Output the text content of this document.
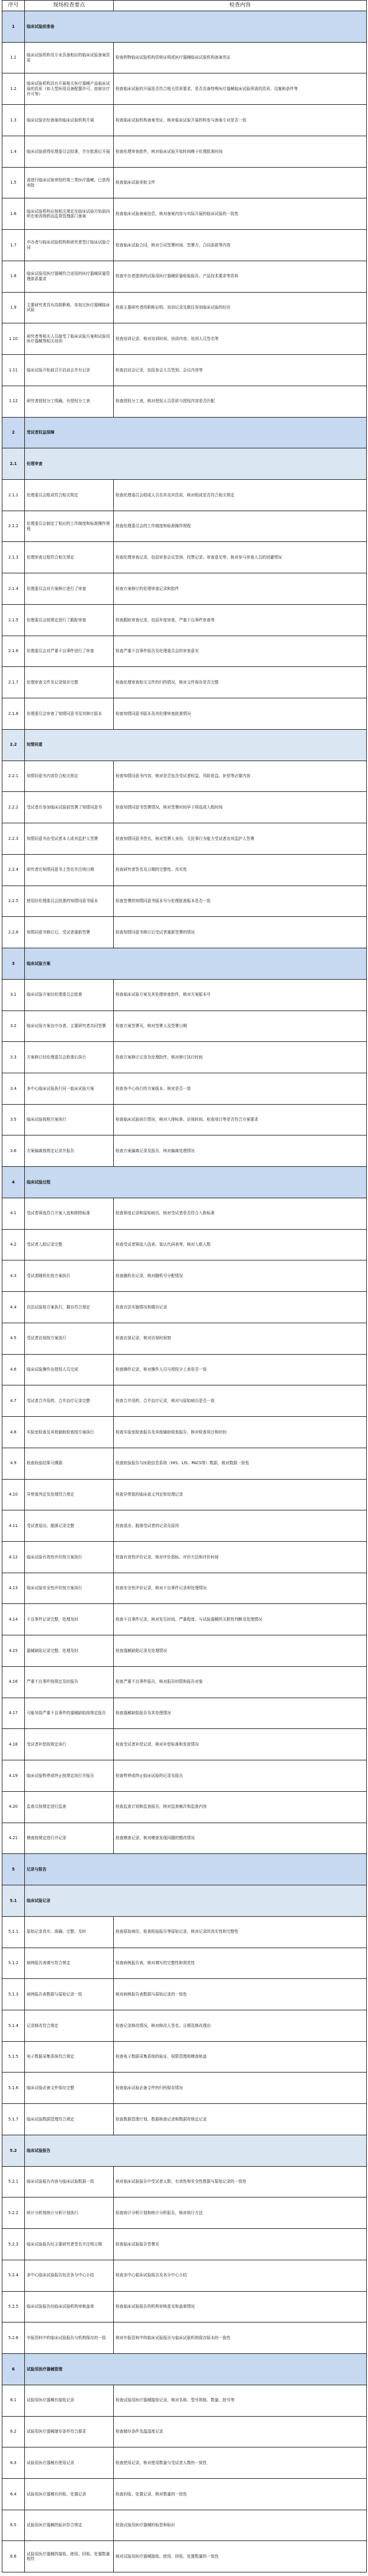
序号	现场检查要点	检查内容
1	临床试验前准备	
1.1	临床试验机构及专业具备相应的临床试验备案资质	检查药物临床试验机构资格证明或医疗器械临床试验机构备案凭证
1.2	临床试验机构具有开展相关医疗器械产品临床试验的资质（如大型医用设备配置许可、放射诊疗许可等）	检查临床试验的开展是否符合相关资质要求，是否具备特殊医疗器械临床试验所需的资质、设施和条件等
1.3	临床试验在经备案的临床试验机构开展	检查临床试验机构备案凭证，核对临床试验开展的科室与备案专业是否一致
1.4	临床试验获得伦理委员会批准，并在批准后开展	检查伦理审查批件，核对临床试验开始时间晚于伦理批准时间
1.5	需进行临床试验审批的第三类医疗器械，已获得审批	检查临床试验审批文件
1.6	临床试验机构应按相关规定在临床试验开始前向所在地省级药品监督管理部门备案	检查临床试验备案信息，核对备案内容与实际开展的临床试验的一致性
1.7	申办者与临床试验机构和研究者签订临床试验合同	检查临床试验合同，核对合同签署时间、签署方、合同条款等内容
1.8	临床试验用医疗器械符合适用的医疗器械质量管理体系要求	检查申办者提供的试验用医疗器械质量检验报告、产品技术要求等资料
1.9	主要研究者具有高级职称，参加过医疗器械临床试验	检查主要研究者的职称证明、培训记录及既往参加临床试验的经历
1.10	研究者等相关人员接受了临床试验方案和试验用医疗器械等相关培训	检查培训记录，核对培训时间、培训内容、培训人员签名等
1.11	临床试验开始前召开启动会并有记录	检查启动会记录，包括参会人员签到、会议内容等
1.12	研究者授权分工明确，有授权分工表	检查授权分工表，核对授权人员资质与授权内容是否匹配
2	受试者权益保障	
2.1	伦理审查	
2.1.1	伦理委员会组成符合相关规定	检查伦理委员会组成人员名单及其资质，核对组成是否符合相关规定
2.1.2	伦理委员会制定了相应的工作制度和标准操作规程	检查伦理委员会的工作制度和标准操作规程
2.1.3	伦理审查过程符合相关规定	检查伦理审查记录，包括审查会议签到、投票记录、审查意见等，核对参与审查人员的回避情况
2.1.4	伦理委员会对方案修订进行了审查	检查方案修订的伦理审查记录和批件
2.1.5	伦理委员会按规定进行了跟踪审查	检查跟踪审查记录，包括年度审查、严重不良事件审查等
2.1.6	伦理委员会对严重不良事件进行了审查	检查严重不良事件报告及伦理委员会的审查意见
2.1.7	伦理审查文件及记录保存完整	检查伦理审查相关文件的归档情况，核对文件保存是否完整
2.1.8	伦理委员会审查了知情同意书及其修订版本	检查知情同意书版本及其伦理审查批准情况
2.2	知情同意	
2.2.1	知情同意书内容符合相关规定	检查知情同意书内容，核对是否包含受试者权益、风险获益、补偿等必要内容
2.2.2	受试者在参加临床试验前签署了知情同意书	检查知情同意书签署情况，核对签署时间早于筛选或入组时间
2.2.3	知情同意书由受试者本人或其监护人签署	检查知情同意书签名，核对签署人身份，无民事行为能力受试者由其监护人签署
2.2.4	研究者在知情同意书上签名并注明日期	检查研究者签名及日期的完整性、真实性
2.2.5	使用经伦理委员会批准的知情同意书版本	检查签署的知情同意书版本号与伦理批准版本是否一致
2.2.6	知情同意书修订后，受试者重新签署	检查知情同意书修订后受试者重新签署的情况
3	临床试验方案	
3.1	临床试验方案经伦理委员会批准	检查临床试验方案及其伦理审查批件，核对方案版本号
3.2	临床试验方案由申办者、主要研究者共同签署	检查方案签署页，核对签署人及签署日期
3.3	方案修订经伦理委员会批准后执行	检查方案修订记录及伦理批件，核对修订执行时间
3.4	多中心临床试验执行同一临床试验方案	检查各中心执行的方案版本，核对是否一致
3.5	临床试验按照方案执行	检查临床试验执行情况，核对入排标准、访视时间、检查项目等是否符合方案要求
3.6	方案偏离按规定记录并报告	检查方案偏离记录及报告，核对偏离处理情况
4	临床试验过程	
4.1	受试者筛选符合方案入选和排除标准	检查筛选记录和原始病历，核对受试者是否符合入排标准
4.2	受试者入组记录完整	检查受试者筛选入选表、鉴认代码表等，核对入组人数
4.3	受试者随机化按方案执行	检查随机化记录，核对随机号分配情况
4.4	盲法试验按方案执行，揭盲符合规定	检查盲法实施情况和揭盲记录
4.5	受试者访视按方案执行	检查访视记录，核对访视时间窗
4.6	临床试验操作由授权人员完成	检查操作记录，核对操作人员与授权分工表是否一致
4.7	受试者合并用药、合并治疗记录完整	检查合并用药、合并治疗记录，核对与原始病历是否一致
4.8	实验室检查及其他辅助检查按方案执行	检查实验室检查报告及其他辅助检查报告，核对检查项目和时间
4.9	检查检验结果可溯源	检查检验报告与医院信息系统（HIS、LIS、PACS等）数据，核对数据一致性
4.10	异常值判定及处理符合规定	检查异常值的临床意义判定和处理记录
4.11	受试者退出、脱落记录完整	检查退出、脱落受试者的记录及原因
4.12	临床试验有效性评价按方案执行	检查有效性评价记录，核对评价指标、评价方法和评价时间
4.13	临床试验安全性评价按方案执行	检查安全性评价记录，核对不良事件记录和处理情况
4.14	不良事件记录完整，处理及时	检查不良事件记录，核对发生时间、严重程度、与试验器械的关联性判断及处理情况
4.15	器械缺陷记录完整，处理及时	检查器械缺陷记录及处理情况
4.16	严重不良事件按规定及时报告	检查严重不良事件报告，核对报告时限和报告对象
4.17	可能导致严重不良事件的器械缺陷按规定报告	检查器械缺陷报告及其处理情况
4.18	受试者补偿按规定执行	检查受试者补偿记录，核对补偿标准和发放情况
4.19	临床试验暂停或终止按规定执行并报告	检查暂停或终止临床试验的记录及报告
4.20	监查员按规定进行监查	检查监查计划和监查报告，核对监查频次和监查内容
4.21	稽查按规定进行并记录	检查稽查记录，核对稽查发现问题的整改情况
5	记录与报告	
5.1	临床试验记录	
5.1.1	原始记录真实、准确、完整、及时	检查原始病历、检查检验报告等原始记录，核对记录的真实性和完整性
5.1.2	病例报告表填写符合规定	检查病例报告表，核对填写的完整性和规范性
5.1.3	病例报告表数据与原始记录一致	核对病例报告表数据与原始记录的一致性
5.1.4	记录修改符合规定	检查记录修改情况，核对修改人签名、日期及修改理由
5.1.5	电子数据采集系统符合规定	检查电子数据采集系统的验证、权限管理和稽查轨迹
5.1.6	临床试验必备文件保存完整	检查临床试验必备文件的归档保存情况
5.1.7	临床试验数据管理符合规定	检查数据管理计划、数据核查记录和数据库锁定记录
5.2	临床试验报告	
5.2.1	临床试验报告内容与临床试验数据一致	核对临床试验报告中受试者人数、有效性和安全性数据与原始记录的一致性
5.2.2	统计分析按统计分析计划执行	检查统计分析计划和统计分析报告，核对统计方法
5.2.3	临床试验报告经主要研究者签名并注明日期	检查临床试验报告签署页
5.2.4	多中心临床试验报告包含各分中心小结	检查多中心临床试验报告及各分中心小结
5.2.5	临床试验报告经临床试验机构审核盖章	检查临床试验报告的机构审核意见和盖章情况
5.2.6	申报资料中的临床试验报告与机构保存的一致	核对申报资料中的临床试验报告与临床试验机构保存版本的一致性
6	试验用医疗器械管理	
6.1	试验用医疗器械有接收记录	检查试验用医疗器械接收记录，核对名称、型号规格、数量、批号等
6.2	试验用医疗器械储存条件符合要求	检查储存条件及温湿度记录
6.3	试验用医疗器械有使用记录	检查使用记录，核对使用数量与受试者人数的一致性
6.4	试验用医疗器械有回收、处置记录	检查回收、处置记录，核对数量的一致性
6.5	试验用医疗器械的标识符合规定	检查试验用医疗器械的标签和标识
6.6	试验用医疗器械的接收、使用、回收、处置数量相符	核对试验用医疗器械接收、使用、回收、处置数量的一致性
